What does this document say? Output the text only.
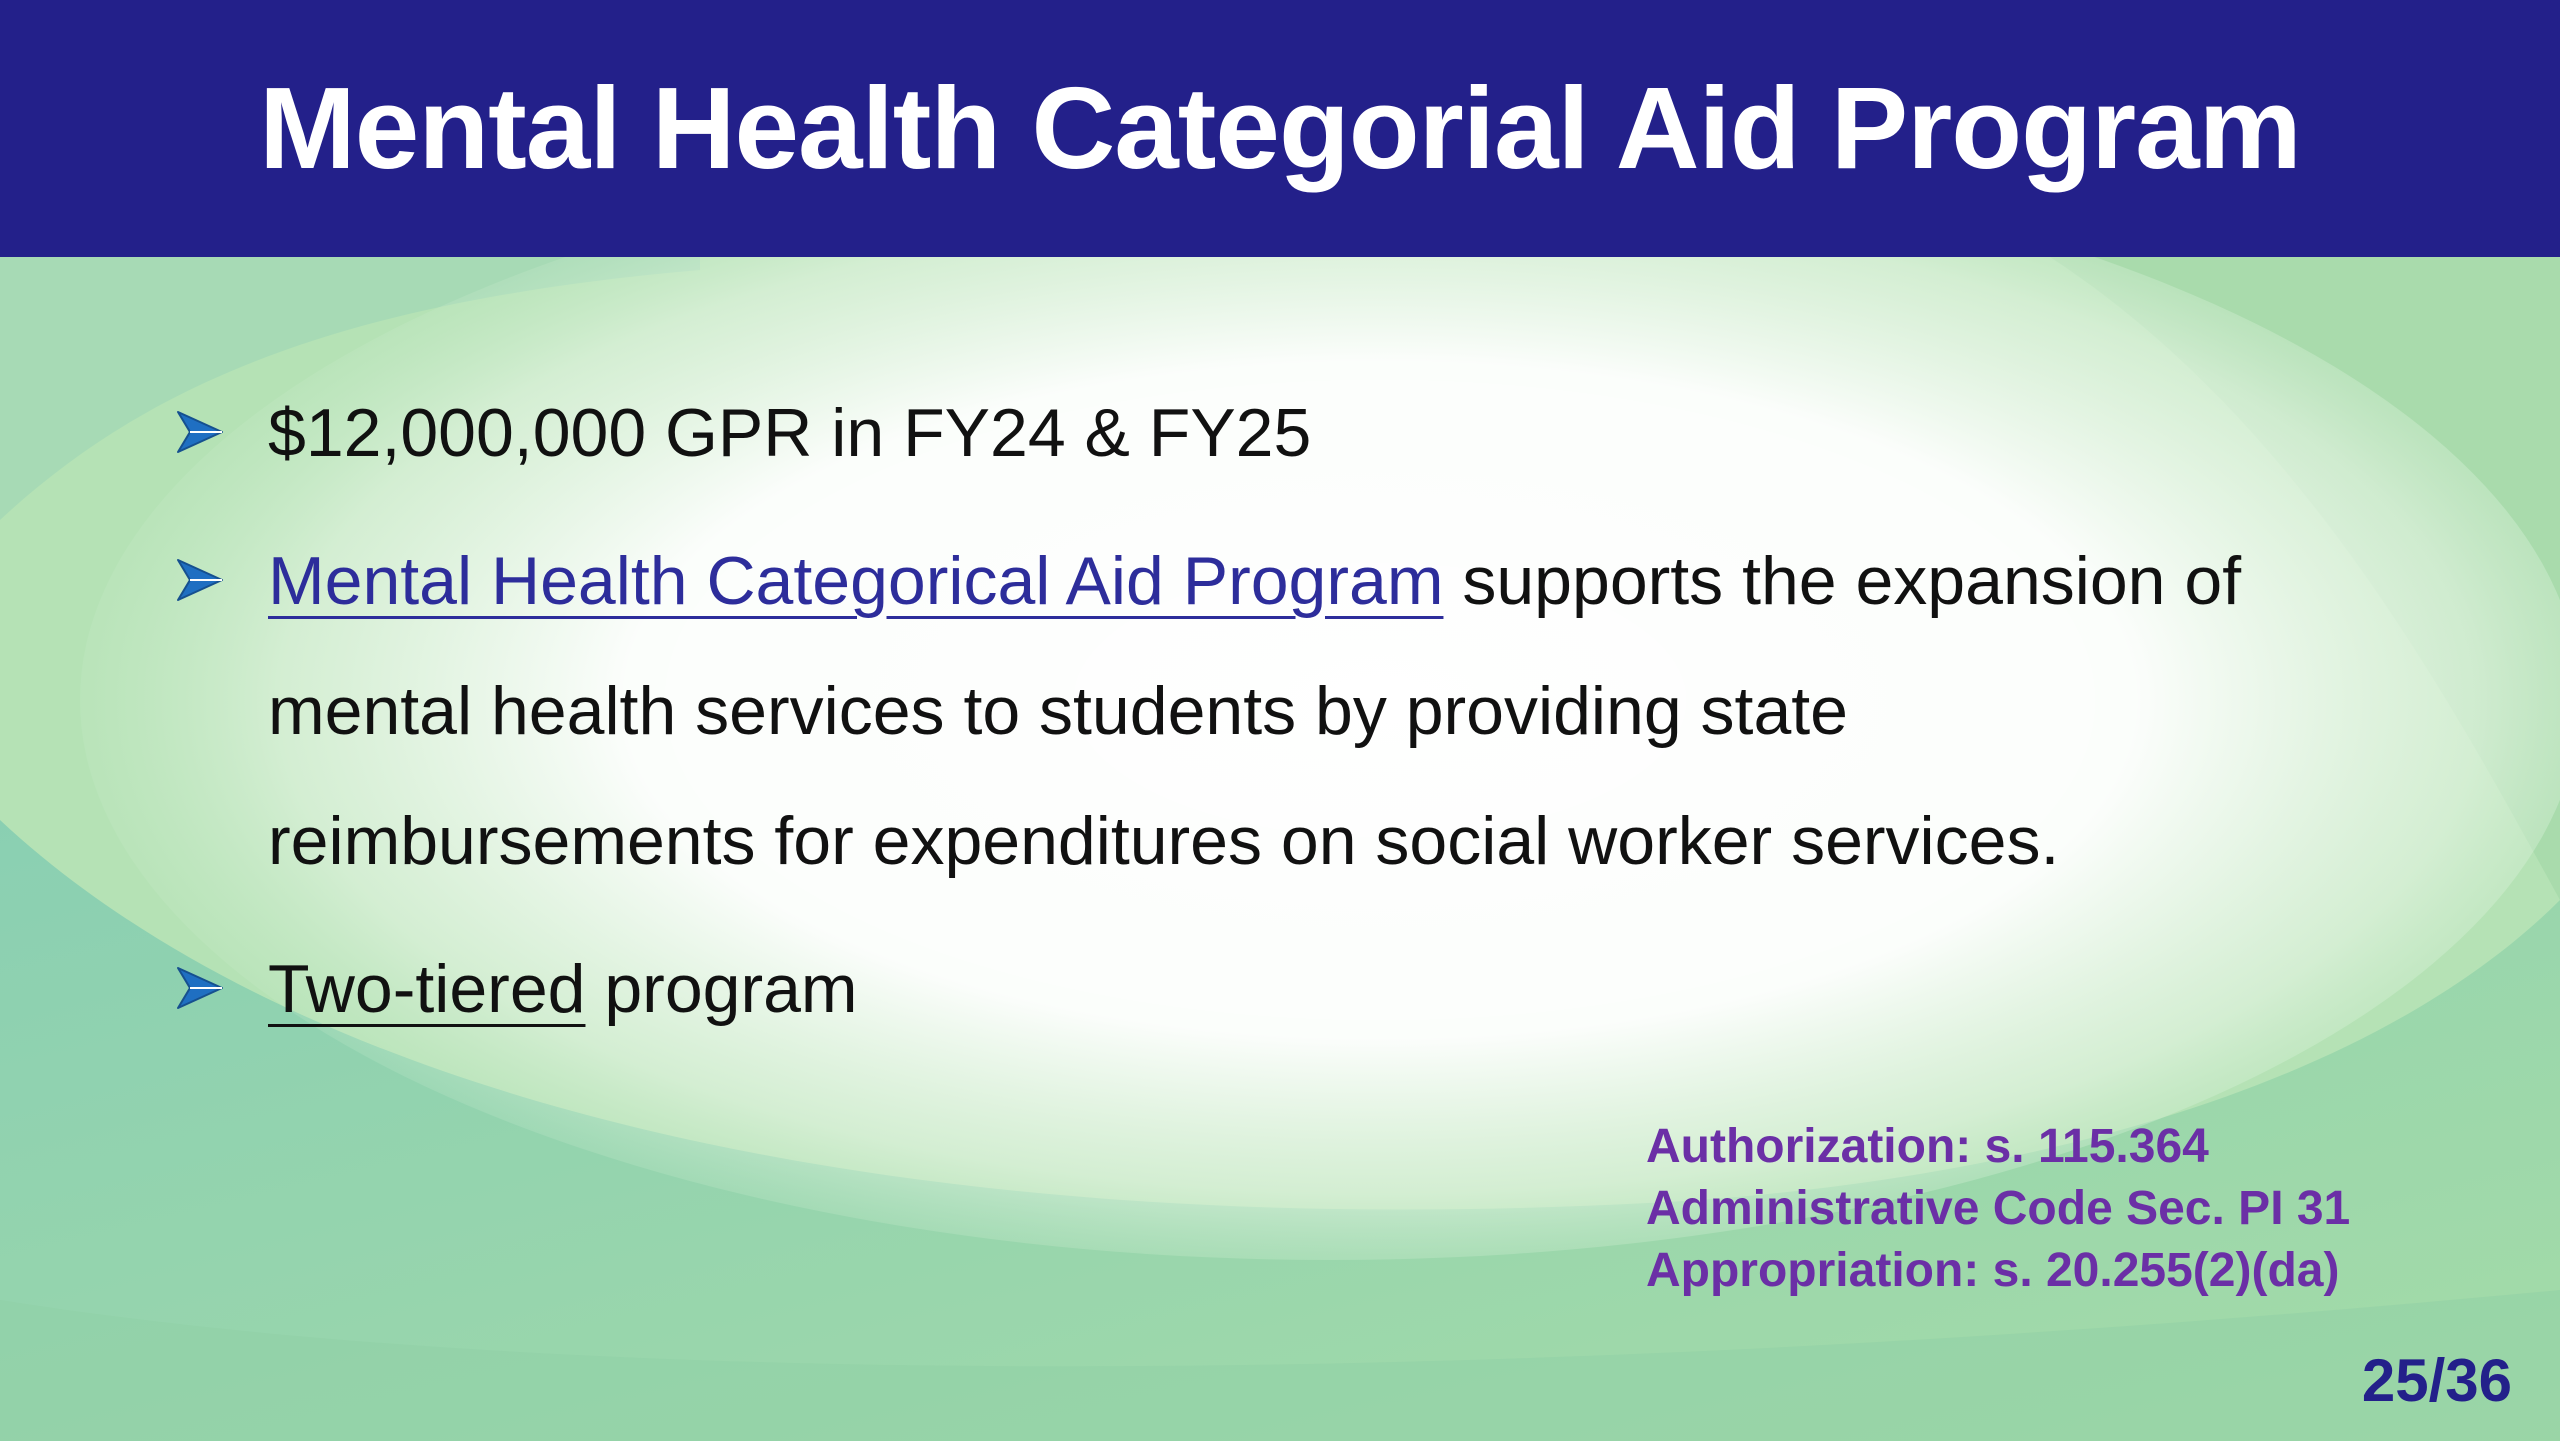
Mental Health Categorial Aid Program
$12,000,000 GPR in FY24 & FY25
Mental Health Categorical Aid Program supports the expansion of mental health services to students by providing state reimbursements for expenditures on social worker services.
Two-tiered program
Authorization: s. 115.364
Administrative Code Sec. PI 31
Appropriation: s. 20.255(2)(da)
25/36
